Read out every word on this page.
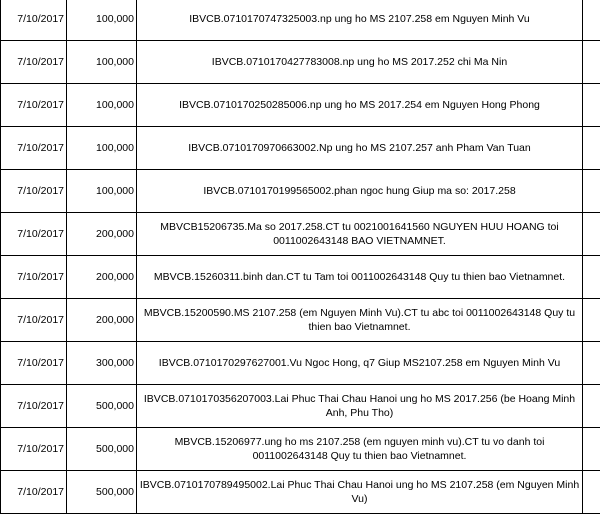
7/10/2017	100,000	IBVCB.0710170747325003.np ung ho MS 2107.258 em Nguyen Minh Vu	
7/10/2017	100,000	IBVCB.0710170427783008.np ung ho MS 2017.252 chi Ma Nin	
7/10/2017	100,000	IBVCB.0710170250285006.np ung ho MS 2017.254 em Nguyen Hong Phong	
7/10/2017	100,000	IBVCB.0710170970663002.Np ung ho MS 2107.257 anh Pham Van Tuan	
7/10/2017	100,000	IBVCB.0710170199565002.phan ngoc hung Giup ma so: 2017.258	
7/10/2017	200,000	MBVCB15206735.Ma so 2017.258.CT tu 0021001641560 NGUYEN HUU HOANG toi 0011002643148 BAO VIETNAMNET.	
7/10/2017	200,000	MBVCB.15260311.binh dan.CT tu Tam toi 0011002643148 Quy tu thien bao Vietnamnet.	
7/10/2017	200,000	MBVCB.15200590.MS 2107.258 (em Nguyen Minh Vu).CT tu abc toi 0011002643148 Quy tu thien bao Vietnamnet.	
7/10/2017	300,000	IBVCB.0710170297627001.Vu Ngoc Hong, q7 Giup MS2107.258 em Nguyen Minh Vu	
7/10/2017	500,000	IBVCB.0710170356207003.Lai Phuc Thai Chau Hanoi ung ho MS 2017.256 (be Hoang Minh Anh, Phu Tho)	
7/10/2017	500,000	MBVCB.15206977.ung ho ms 2107.258 (em nguyen minh vu).CT tu vo danh toi 0011002643148 Quy tu thien bao Vietnamnet.	
7/10/2017	500,000	IBVCB.0710170789495002.Lai Phuc Thai Chau Hanoi ung ho MS 2107.258 (em Nguyen Minh Vu)	
